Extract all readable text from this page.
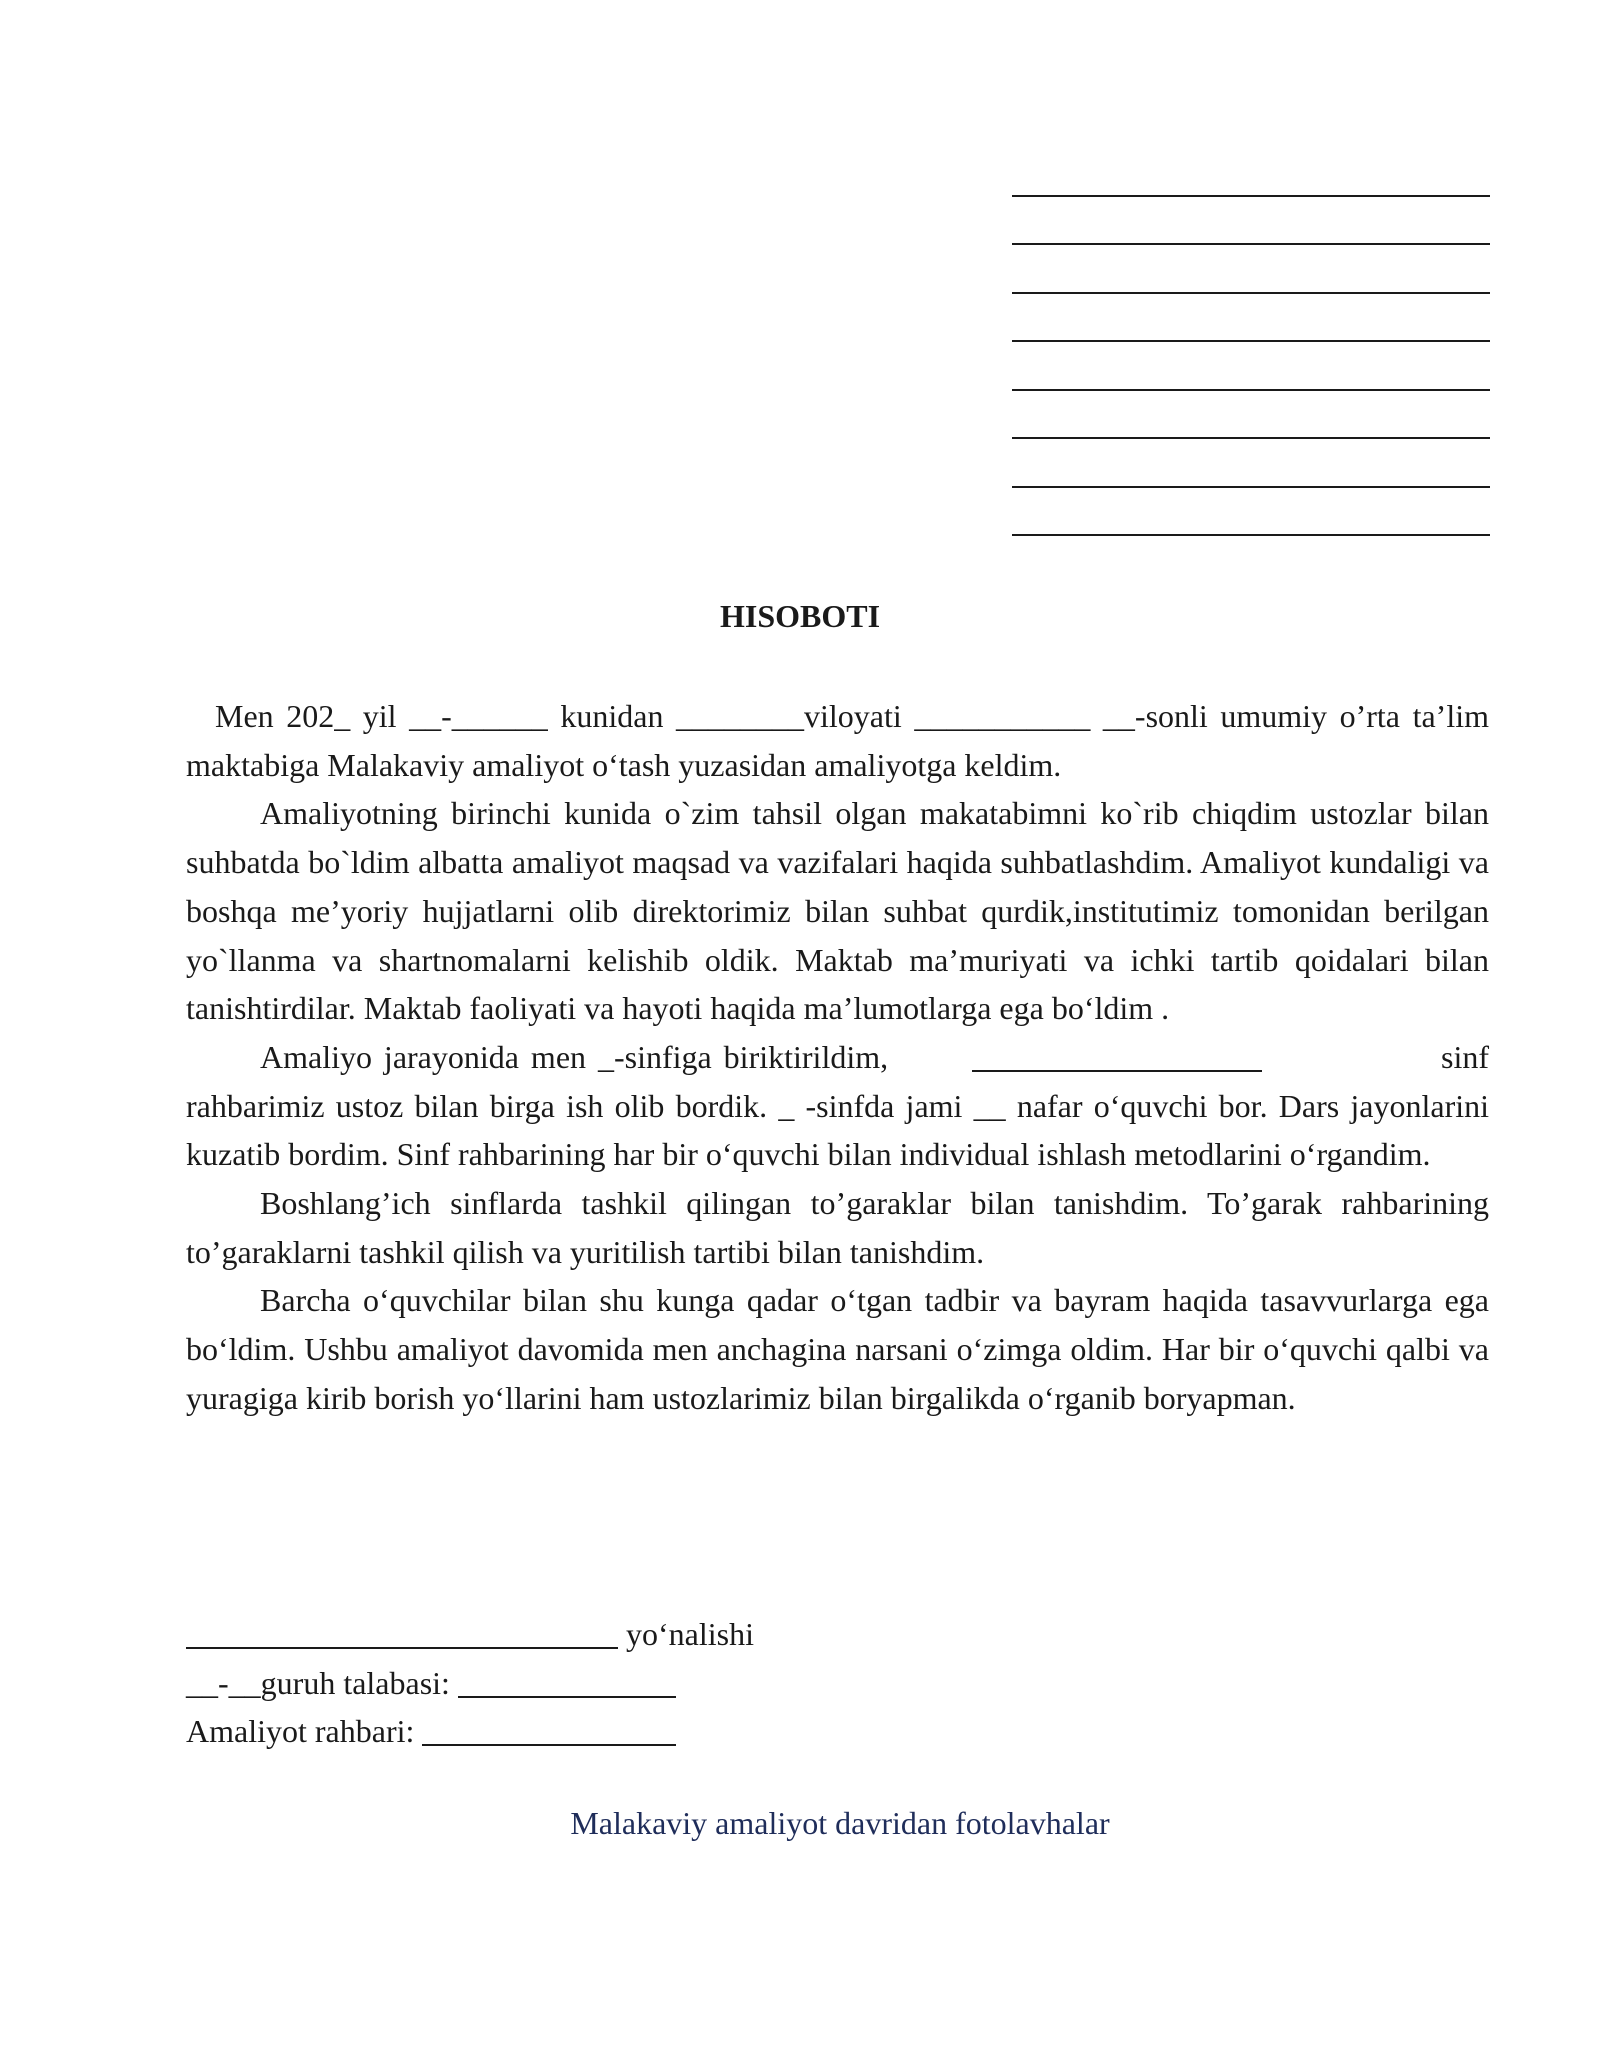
HISOBOTI

Men 202_ yil __-______ kunidan ________viloyati ___________ __-sonli umumiy o’rta ta’lim maktabiga Malakaviy amaliyot o‘tash yuzasidan amaliyotga keldim.

Amaliyotning birinchi kunida o`zim tahsil olgan makatabimni ko`rib chiqdim ustozlar bilan suhbatda bo`ldim albatta amaliyot maqsad va vazifalari haqida suhbatlashdim. Amaliyot kundaligi va boshqa me’yoriy hujjatlarni olib direktorimiz bilan suhbat qurdik,institutimiz tomonidan berilgan yo`llanma va shartnomalarni kelishib oldik. Maktab ma’muriyati va ichki tartib qoidalari bilan tanishtirdilar. Maktab faoliyati va hayoti haqida ma’lumotlarga ega bo‘ldim .

Amaliyo jarayonida men _-sinfiga biriktirildim,	sinf rahbarimiz ustoz bilan birga ish olib bordik. _ -sinfda jami __ nafar o‘quvchi bor. Dars jayonlarini kuzatib bordim. Sinf rahbarining har bir o‘quvchi bilan individual ishlash metodlarini o‘rgandim.

Boshlang’ich sinflarda tashkil qilingan to’garaklar bilan tanishdim. To’garak rahbarining to’garaklarni tashkil qilish va yuritilish tartibi bilan tanishdim.

Barcha o‘quvchilar bilan shu kunga qadar o‘tgan tadbir va bayram haqida tasavvurlarga ega bo‘ldim. Ushbu amaliyot davomida men anchagina narsani o‘zimga oldim. Har bir o‘quvchi qalbi va yuragiga kirib borish yo‘llarini ham ustozlarimiz bilan birgalikda o‘rganib boryapman.

yo‘nalishi
__-__guruh talabasi:
Amaliyot rahbari:
Malakaviy amaliyot davridan fotolavhalar
